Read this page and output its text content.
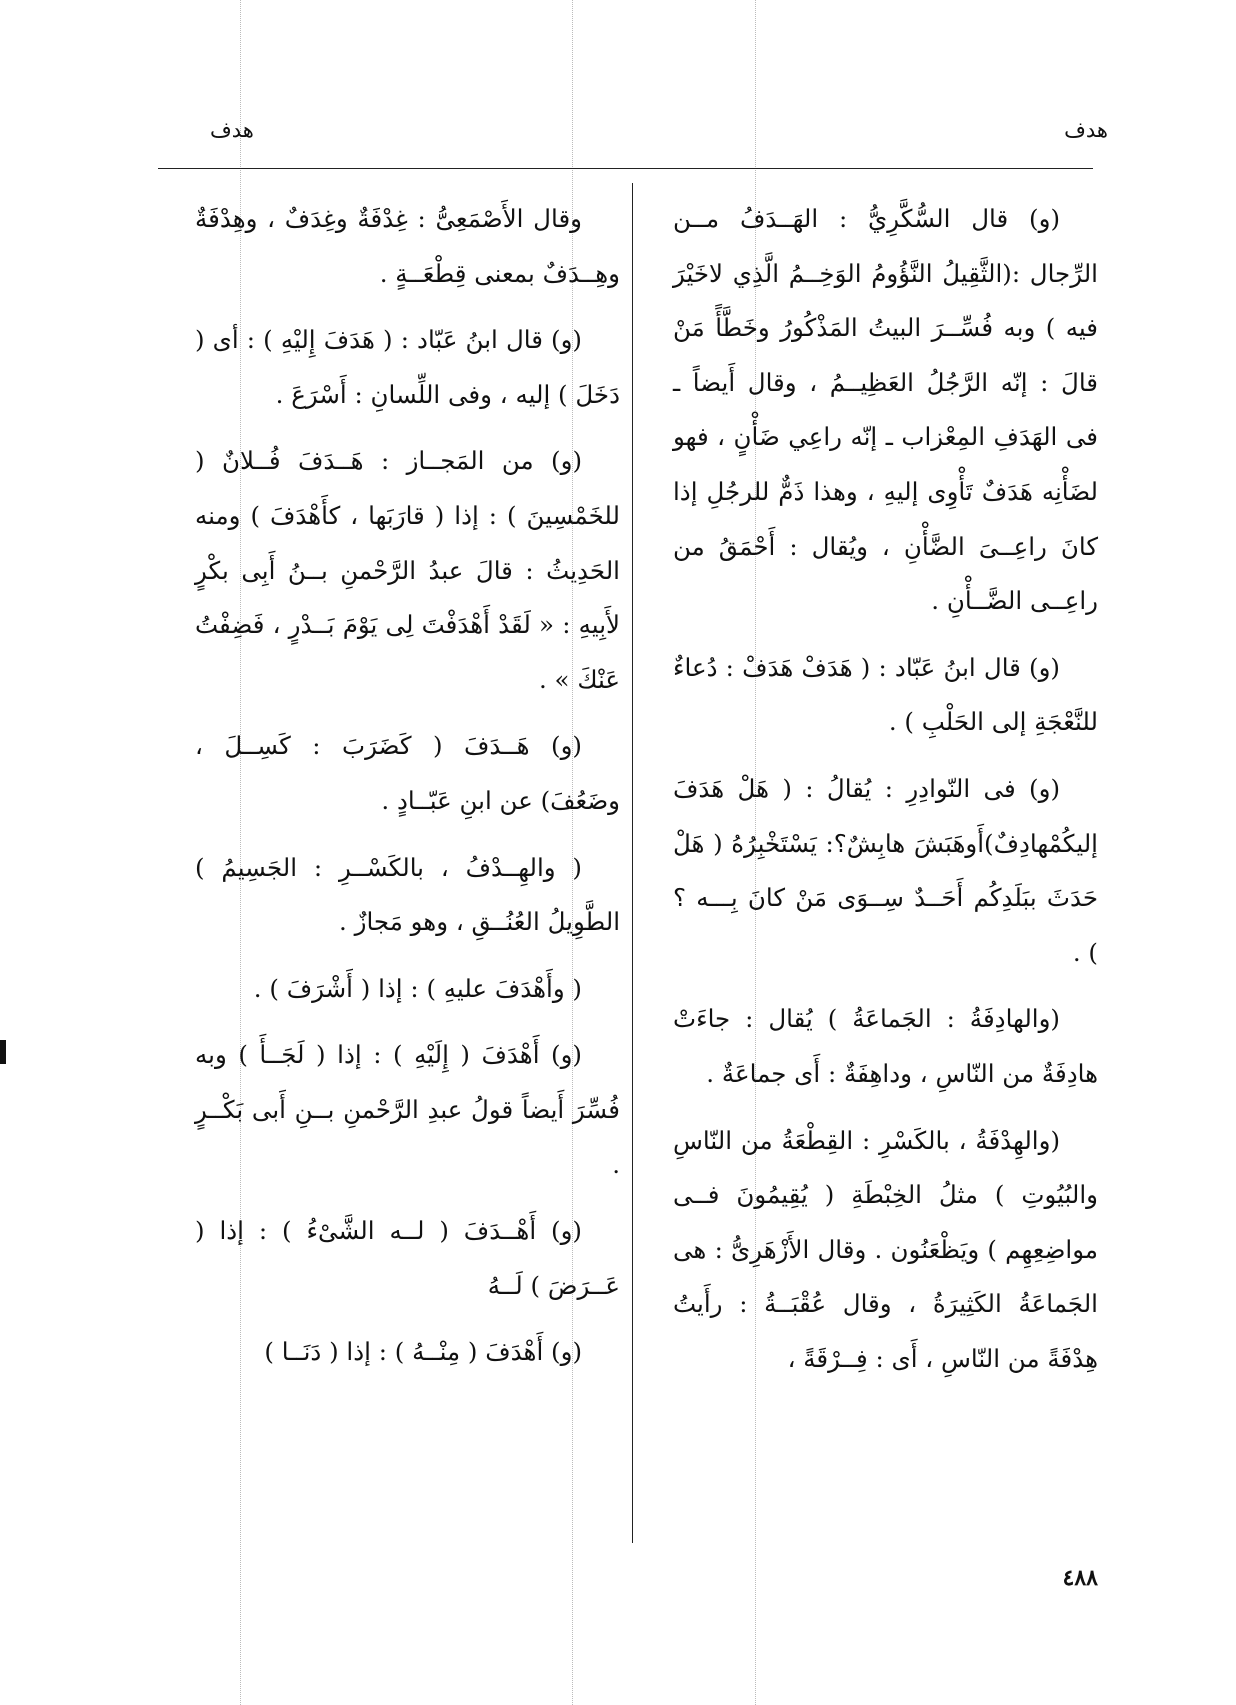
هدف
هدف

(و) قال السُّكَّرِيُّ : الهَــدَفُ مــن الرِّجال :(الثَّقِيلُ النَّؤُومُ الوَخِــمُ الَّذِي لاخَيْرَ فيه ) وبه فُسِّــرَ البيتُ المَذْكُورُ وخَطَّأً مَنْ قالَ : إنّه الرَّجُلُ العَظِيــمُ ، وقال أَيضاً ـ فى الهَدَفِ المِعْزاب ـ إنّه راعِي ضَأْنٍ ، فهو لضَأْنِه هَدَفٌ تَأْوِى إليهِ ، وهذا ذَمٌّ للرجُلِ إذا كانَ راعِــىَ الضَّأْنِ ، ويُقال : أَحْمَقُ من راعِــى الضَّــأْنِ .

(و) قال ابنُ عَبّاد : ( هَدَفْ هَدَفْ : دُعاءٌ للنَّعْجَةِ إلى الحَلْبِ ) .

(و) فى النّوادِرِ : يُقالُ : ( هَلْ هَدَفَ إليكُمْهادِفٌ)أَوهَبَشَ هابِشٌ؟: يَسْتَخْبِرُهُ ( هَلْ حَدَثَ ببَلَدِكُم أَحَــدٌ سِــوَى مَنْ كانَ بِـــه ؟ ) .

(والهادِفَةُ : الجَماعَةُ ) يُقال : جاءَتْ هادِفَةٌ من النّاسِ ، وداهِفَةٌ : أَى جماعَةٌ .

(والهِدْفَةُ ، بالكَسْرِ : القِطْعَةُ من النّاسِ والبُيُوتِ ) مثلُ الخِبْطَةِ ( يُقِيمُونَ فــى مواضِعِهِم ) ويَظْعَنُون . وقال الأَزْهَرِىُّ : هى الجَماعَةُ الكَثِيرَةُ ، وقال عُقْبَــةُ : رأَيتُ هِدْفَةً من النّاسِ ، أَى : فِــرْقَةً ،

وقال الأَصْمَعِىُّ : غِدْفَةٌ وغِدَفٌ ، وهِدْفَةٌ وهِــدَفٌ بمعنى قِطْعَــةٍ .

(و) قال ابنُ عَبّاد : ( هَدَفَ إِليْهِ ) : أى ( دَخَلَ ) إليه ، وفى اللِّسانِ : أَسْرَعَ .

(و) من المَجــاز : هَــدَفَ فُــلانٌ ( للخَمْسِينَ ) : إذا ( قارَبَها ، كأَهْدَفَ ) ومنه الحَدِيثُ : قالَ عبدُ الرَّحْمنِ بــنُ أَبِى بكْرٍ لأَبِيهِ : « لَقَدْ أَهْدَفْتَ لِى يَوْمَ بَــدْرٍ ، فَضِفْتُ عَنْكَ » .

(و) هَــدَفَ ( كَضَرَبَ : كَسِــلَ ، وضَعُفَ) عن ابنِ عَبّــادٍ .

( والهِــدْفُ ، بالكَسْــرِ : الجَسِيمُ ) الطَّوِيلُ العُنُــقِ ، وهو مَجازٌ .

( وأَهْدَفَ عليهِ ) : إذا ( أَشْرَفَ ) .

(و) أَهْدَفَ ( إِلَيْهِ ) : إذا ( لَجَــأَ ) وبه فُسِّرَ أَيضاً قولُ عبدِ الرَّحْمنِ بــنِ أَبى بَكْــرٍ .

(و) أَهْــدَفَ ( لــه الشَّىْءُ ) : إذا ( عَــرَضَ ) لَــهُ

(و) أَهْدَفَ ( مِنْــهُ ) : إذا ( دَنَــا )

٤٨٨
